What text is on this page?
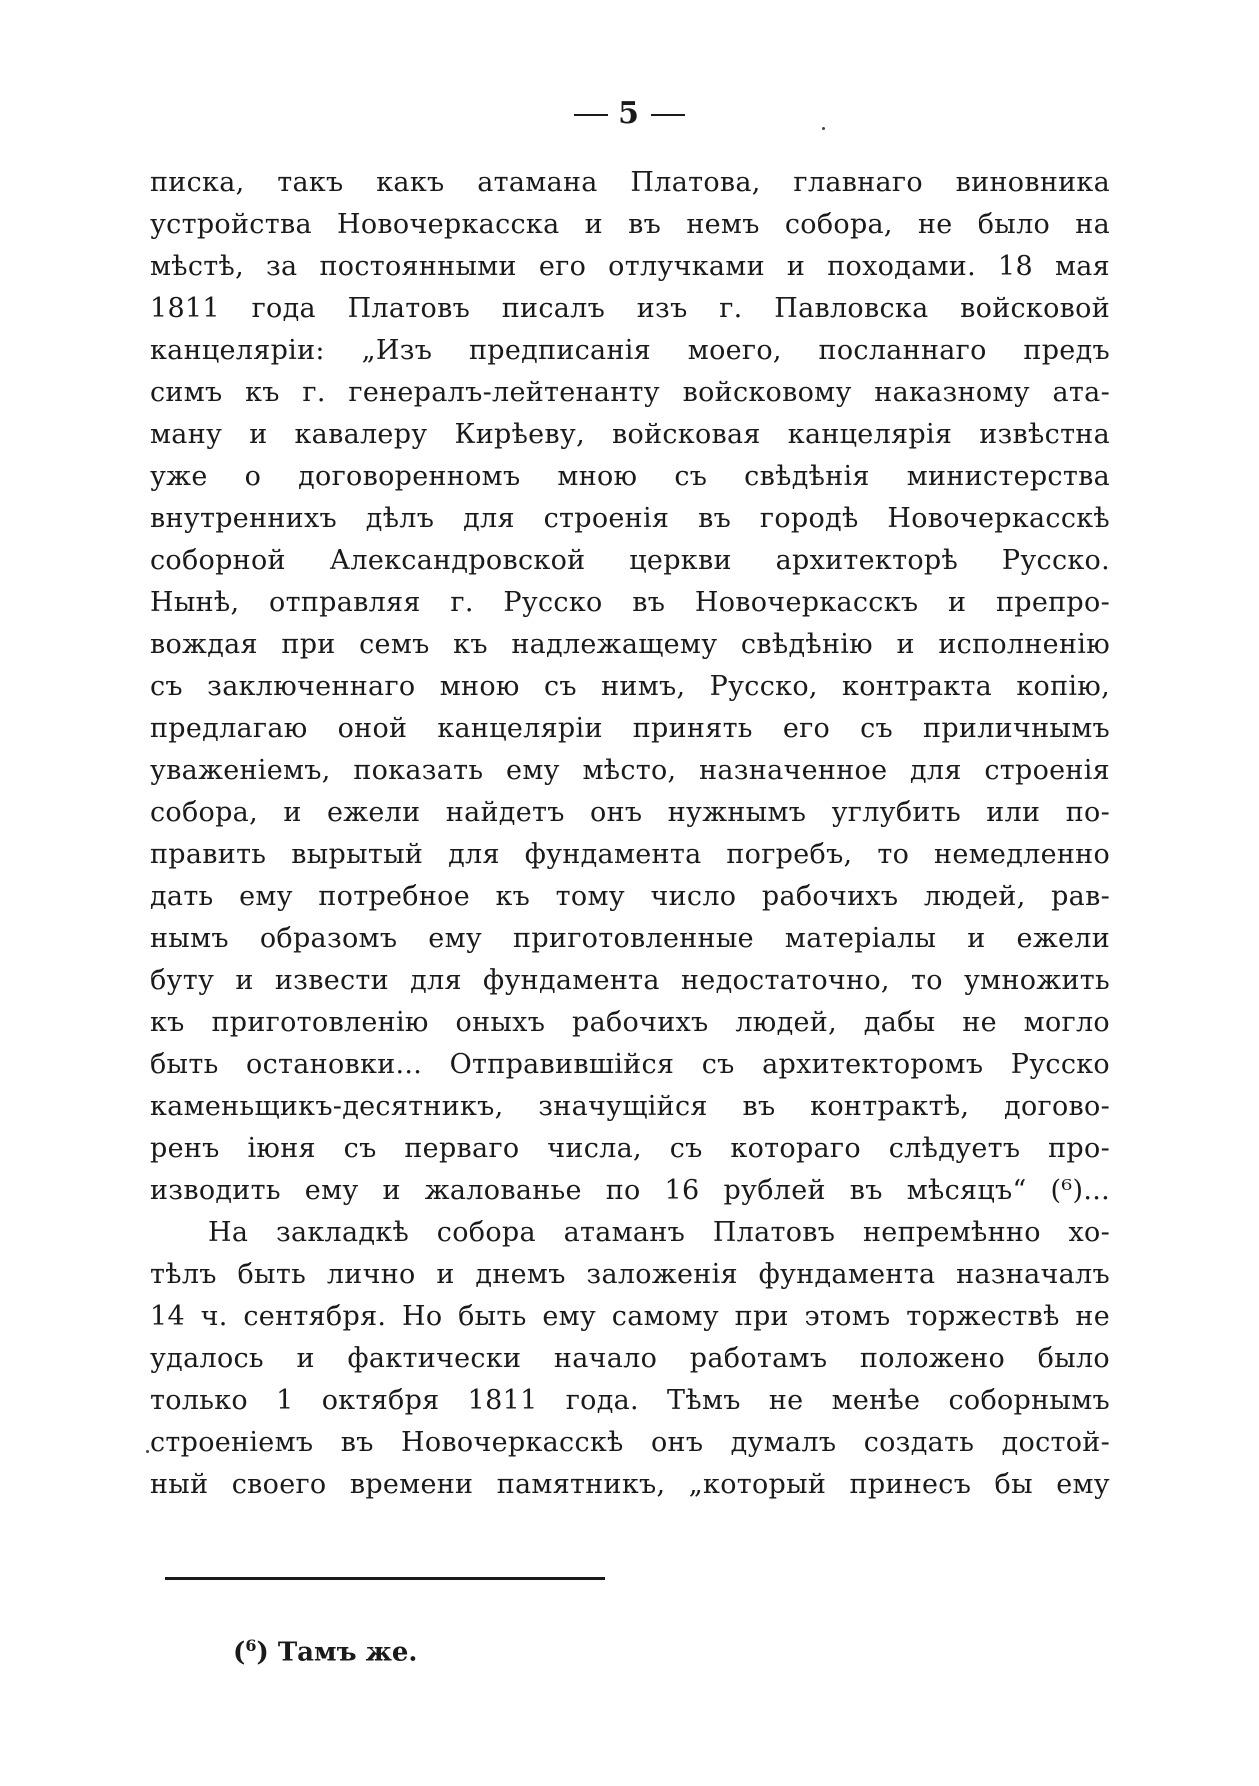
5
писка, такъ какъ атамана Платова, главнаго виновника
устройства Новочеркасска и въ немъ собора, не было на
мѣстѣ, за постоянными его отлучками и походами. 18 мая
1811 года Платовъ писалъ изъ г. Павловска войсковой
канцеляріи: „Изъ предписанія моего, посланнаго предъ
симъ къ г. генералъ-лейтенанту войсковому наказному ата-
ману и кавалеру Кирѣеву, войсковая канцелярія извѣстна
уже о договоренномъ мною съ свѣдѣнія министерства
внутреннихъ дѣлъ для строенія въ городѣ Новочеркасскѣ
соборной Александровской церкви архитекторѣ Русско.
Нынѣ, отправляя г. Русско въ Новочеркасскъ и препро-
вождая при семъ къ надлежащему свѣдѣнію и исполненію
съ заключеннаго мною съ нимъ, Русско, контракта копію,
предлагаю оной канцеляріи принять его съ приличнымъ
уваженіемъ, показать ему мѣсто, назначенное для строенія
собора, и ежели найдетъ онъ нужнымъ углубить или по-
править вырытый для фундамента погребъ, то немедленно
дать ему потребное къ тому число рабочихъ людей, рав-
нымъ образомъ ему приготовленные матеріалы и ежели
буту и извести для фундамента недостаточно, то умножить
къ приготовленію оныхъ рабочихъ людей, дабы не могло
быть остановки... Отправившійся съ архитекторомъ Русско
каменьщикъ-десятникъ, значущійся въ контрактѣ, догово-
ренъ іюня съ перваго числа, съ котораго слѣдуетъ про-
изводить ему и жалованье по 16 рублей въ мѣсяцъ“ (⁶)...
На закладкѣ собора атаманъ Платовъ непремѣнно хо-
тѣлъ быть лично и днемъ заложенія фундамента назначалъ
14 ч. сентября. Но быть ему самому при этомъ торжествѣ не
удалось и фактически начало работамъ положено было
только 1 октября 1811 года. Тѣмъ не менѣе соборнымъ
строеніемъ въ Новочеркасскѣ онъ думалъ создать достой-
ный своего времени памятникъ, „который принесъ бы ему
($^6$) Тамъ же.
